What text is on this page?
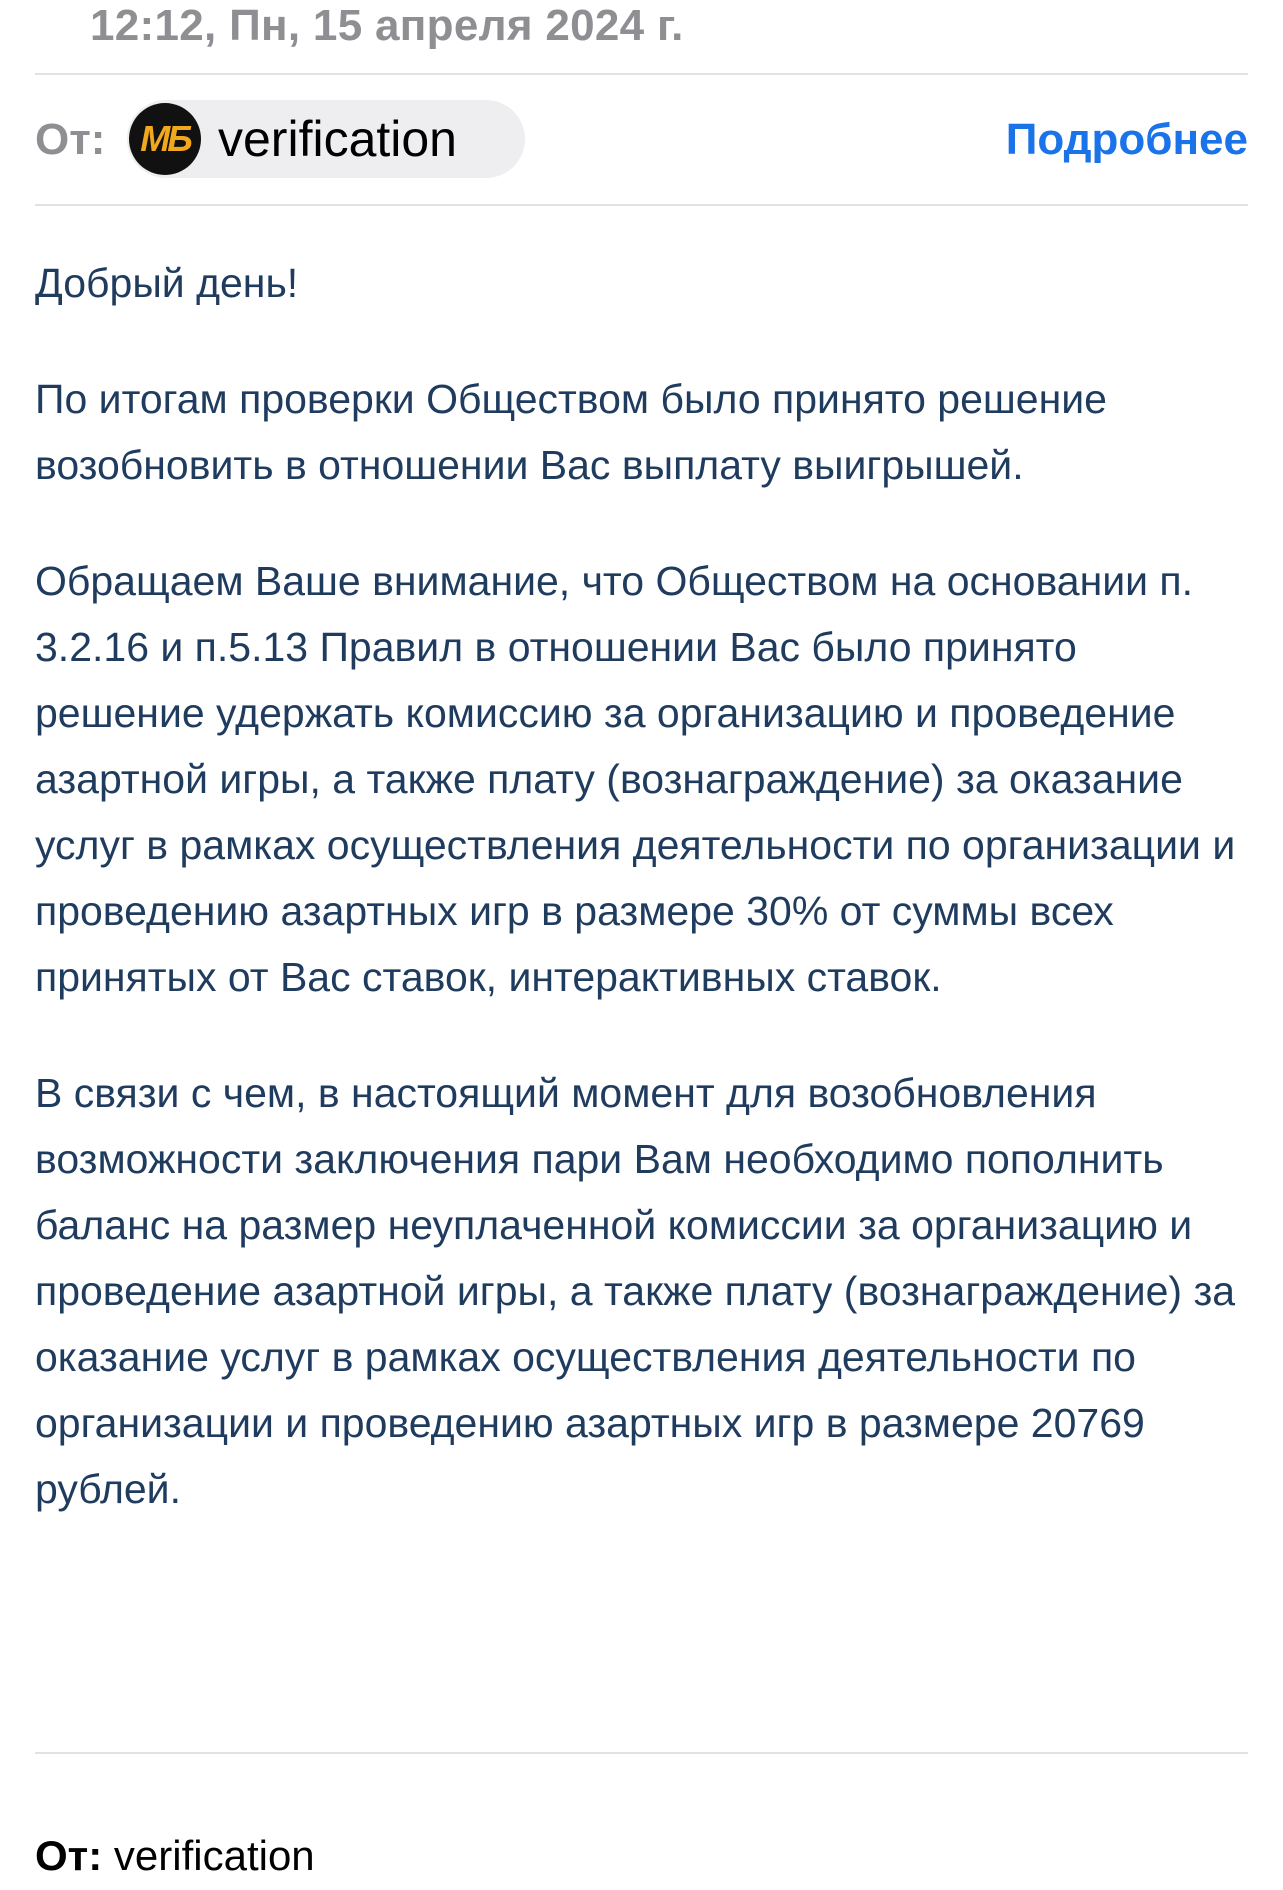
12:12, Пн, 15 апреля 2024 г.
От: МБ verification	Подробнее

Добрый день!

По итогам проверки Обществом было принято решение возобновить в отношении Вас выплату выигрышей.

Обращаем Ваше внимание, что Обществом на основании п. 3.2.16 и п.5.13 Правил в отношении Вас было принято решение удержать комиссию за организацию и проведение азартной игры, а также плату (вознаграждение) за оказание услуг в рамках осуществления деятельности по организации и проведению азартных игр в размере 30% от суммы всех принятых от Вас ставок, интерактивных ставок.

В связи с чем, в настоящий момент для возобновления возможности заключения пари Вам необходимо пополнить баланс на размер неуплаченной комиссии за организацию и проведение азартной игры, а также плату (вознаграждение) за оказание услуг в рамках осуществления деятельности по организации и проведению азартных игр в размере 20769 рублей.

От: verification
